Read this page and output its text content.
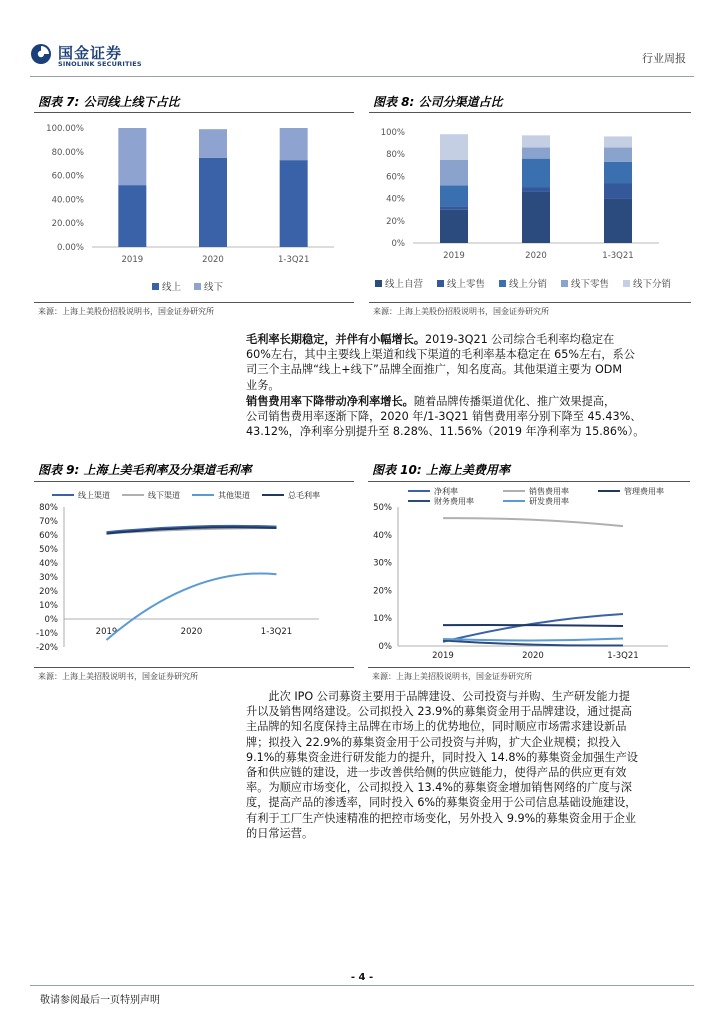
国金证券
SINOLINK SECURITIES	行业周报
图表 7: 公司线上线下占比
0.00%
20.00%
40.00%
60.00%
80.00%
100.00%
2019	2020	1-3Q21
线上 线下
来源：上海上美股份招股说明书，国金证券研究所
图表 8: 公司分渠道占比
0%
20%
40%
60%
80%
100%
2019	2020	1-3Q21
线上自营	线上零售	线上分销	线下零售	线下分销
来源：上海上美股份招股说明书，国金证券研究所
毛利率长期稳定，并伴有小幅增长。2019-3Q21 公司综合毛利率均稳定在
60%左右，其中主要线上渠道和线下渠道的毛利率基本稳定在 65%左右，系公
司三个主品牌“线上+线下”品牌全面推广，知名度高。其他渠道主要为 ODM
业务。
销售费用率下降带动净利率增长。随着品牌传播渠道优化、推广效果提高，
公司销售费用率逐渐下降，2020 年/1-3Q21 销售费用率分别下降至 45.43%、
43.12%，净利率分别提升至 8.28%、11.56%（2019 年净利率为 15.86%）。
图表 9: 上海上美毛利率及分渠道毛利率
-20%
-10%
0%
10%
20%
30%
40%
50%
60%
70%
80%
2019	2020	1-3Q21
线上渠道	线下渠道	其他渠道	总毛利率
来源：上海上美招股说明书，国金证券研究所
图表 10: 上海上美费用率
0%
10%
20%
30%
40%
50%
2019	2020	1-3Q21
净利率	销售费用率	管理费用率
财务费用率	研发费用率
来源：上海上美招股说明书，国金证券研究所
此次 IPO 公司募资主要用于品牌建设、公司投资与并购、生产研发能力提
升以及销售网络建设。公司拟投入 23.9%的募集资金用于品牌建设，通过提高
主品牌的知名度保持主品牌在市场上的优势地位，同时顺应市场需求建设新品
牌；拟投入 22.9%的募集资金用于公司投资与并购，扩大企业规模；拟投入
9.1%的募集资金进行研发能力的提升，同时投入 14.8%的募集资金加强生产设
备和供应链的建设，进一步改善供给侧的供应链能力，使得产品的供应更有效
率。为顺应市场变化，公司拟投入 13.4%的募集资金增加销售网络的广度与深
度，提高产品的渗透率，同时投入 6%的募集资金用于公司信息基础设施建设，
有利于工厂生产快速精准的把控市场变化，另外投入 9.9%的募集资金用于企业
的日常运营。
- 4 -
敬请参阅最后一页特别声明
